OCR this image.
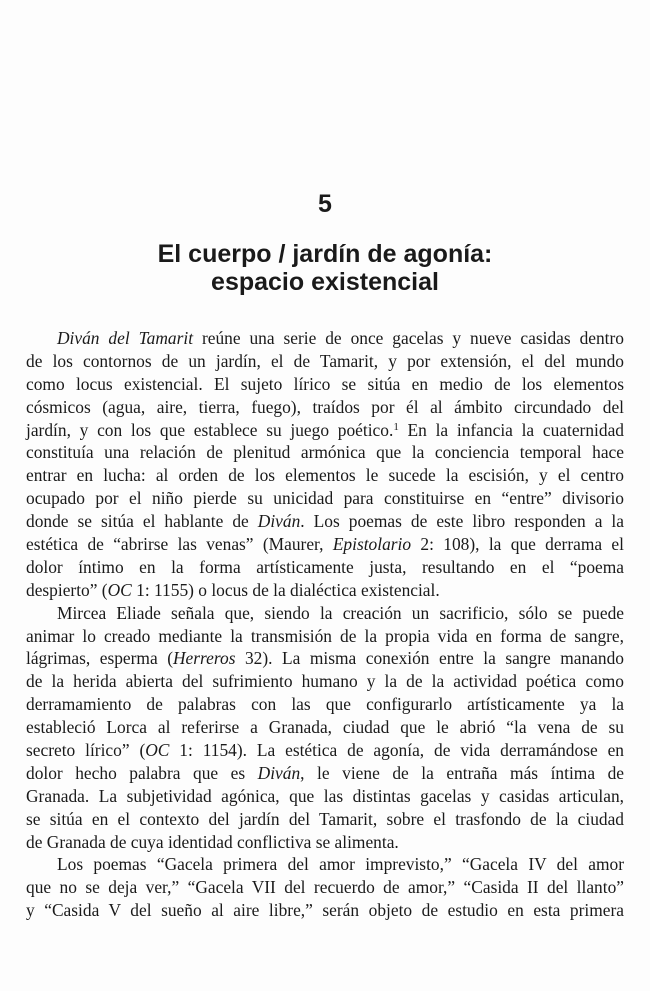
5
El cuerpo / jardín de agonía:
espacio existencial
Diván del Tamarit reúne una serie de once gacelas y nueve casidas dentro
de los contornos de un jardín, el de Tamarit, y por extensión, el del mundo
como locus existencial. El sujeto lírico se sitúa en medio de los elementos
cósmicos (agua, aire, tierra, fuego), traídos por él al ámbito circundado del
jardín, y con los que establece su juego poético.$^1$ En la infancia la cuaternidad
constituía una relación de plenitud armónica que la conciencia temporal hace
entrar en lucha: al orden de los elementos le sucede la escisión, y el centro
ocupado por el niño pierde su unicidad para constituirse en “entre” divisorio
donde se sitúa el hablante de Diván. Los poemas de este libro responden a la
estética de “abrirse las venas” (Maurer, Epistolario 2: 108), la que derrama el
dolor íntimo en la forma artísticamente justa, resultando en el “poema
despierto” (OC 1: 1155) o locus de la dialéctica existencial.
Mircea Eliade señala que, siendo la creación un sacrificio, sólo se puede
animar lo creado mediante la transmisión de la propia vida en forma de sangre,
lágrimas, esperma (Herreros 32). La misma conexión entre la sangre manando
de la herida abierta del sufrimiento humano y la de la actividad poética como
derramamiento de palabras con las que configurarlo artísticamente ya la
estableció Lorca al referirse a Granada, ciudad que le abrió “la vena de su
secreto lírico” (OC 1: 1154). La estética de agonía, de vida derramándose en
dolor hecho palabra que es Diván, le viene de la entraña más íntima de
Granada. La subjetividad agónica, que las distintas gacelas y casidas articulan,
se sitúa en el contexto del jardín del Tamarit, sobre el trasfondo de la ciudad
de Granada de cuya identidad conflictiva se alimenta.
Los poemas “Gacela primera del amor imprevisto,” “Gacela IV del amor
que no se deja ver,” “Gacela VII del recuerdo de amor,” “Casida II del llanto”
y “Casida V del sueño al aire libre,” serán objeto de estudio en esta primera
